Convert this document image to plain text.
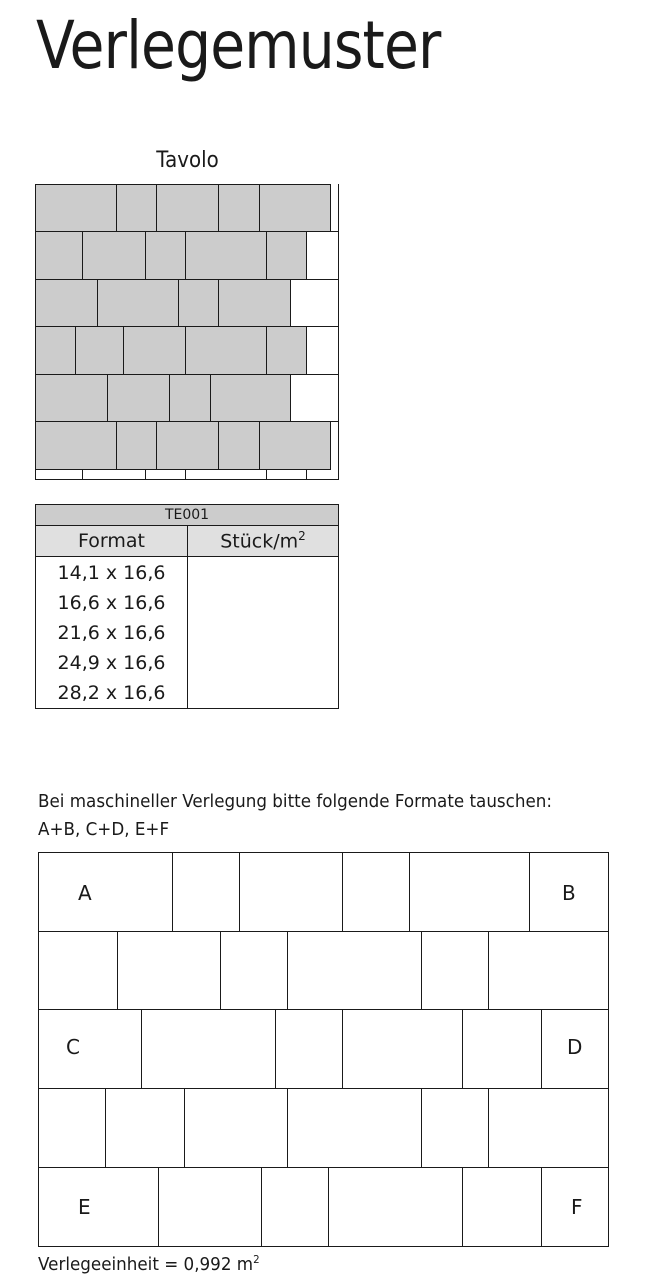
Verlegemuster
Tavolo
TE001	
Format	Stück/$m^2$

14,1 x 16,6
16,6 x 16,6
21,6 x 16,6
24,9 x 16,6
28,2 x 16,6	

Bei maschineller Verlegung bitte folgende Formate tauschen:
A+B, C+D, E+F
A	B
C	D
E	F
Verlegeeinheit = 0,992 $m^2$
